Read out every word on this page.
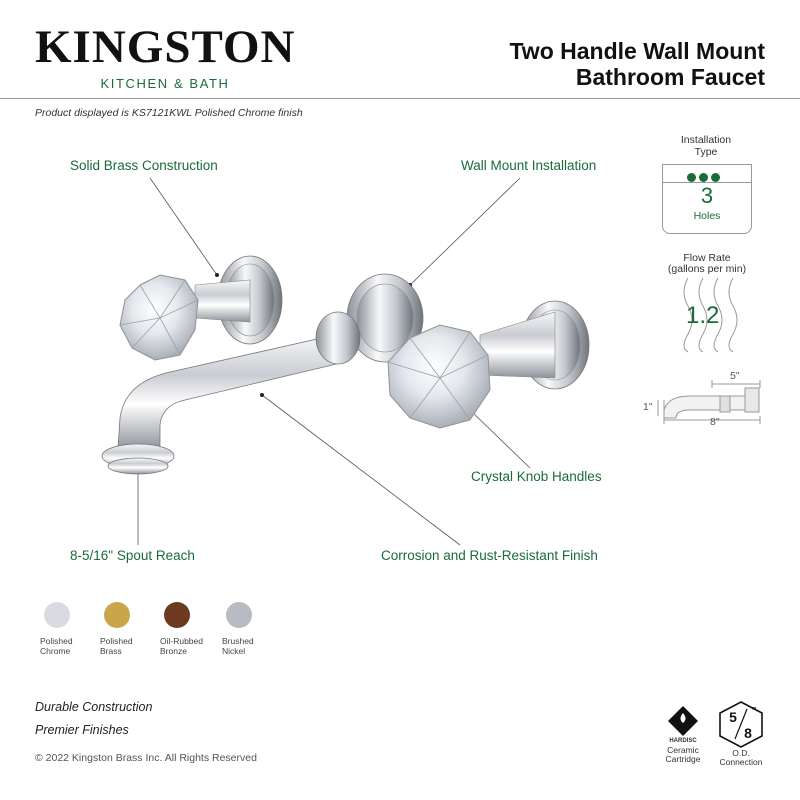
KINGSTON
KITCHEN & BATH
Two Handle Wall Mount
Bathroom Faucet
Product displayed is KS7121KWL Polished Chrome finish
Solid Brass Construction	Wall Mount Installation
Crystal Knob Handles
8-5/16" Spout Reach	Corrosion and Rust-Resistant Finish
Polished
Chrome
Polished
Brass
Oil-Rubbed
Bronze
Brushed
Nickel
Durable Construction
Premier Finishes
© 2022 Kingston Brass Inc. All Rights Reserved
Installation
Type
3
Holes
Flow Rate
(gallons per min)
1.2
5"
1"
8"
HARDISC
Ceramic
Cartridge
5
8
"
O.D.
Connection
